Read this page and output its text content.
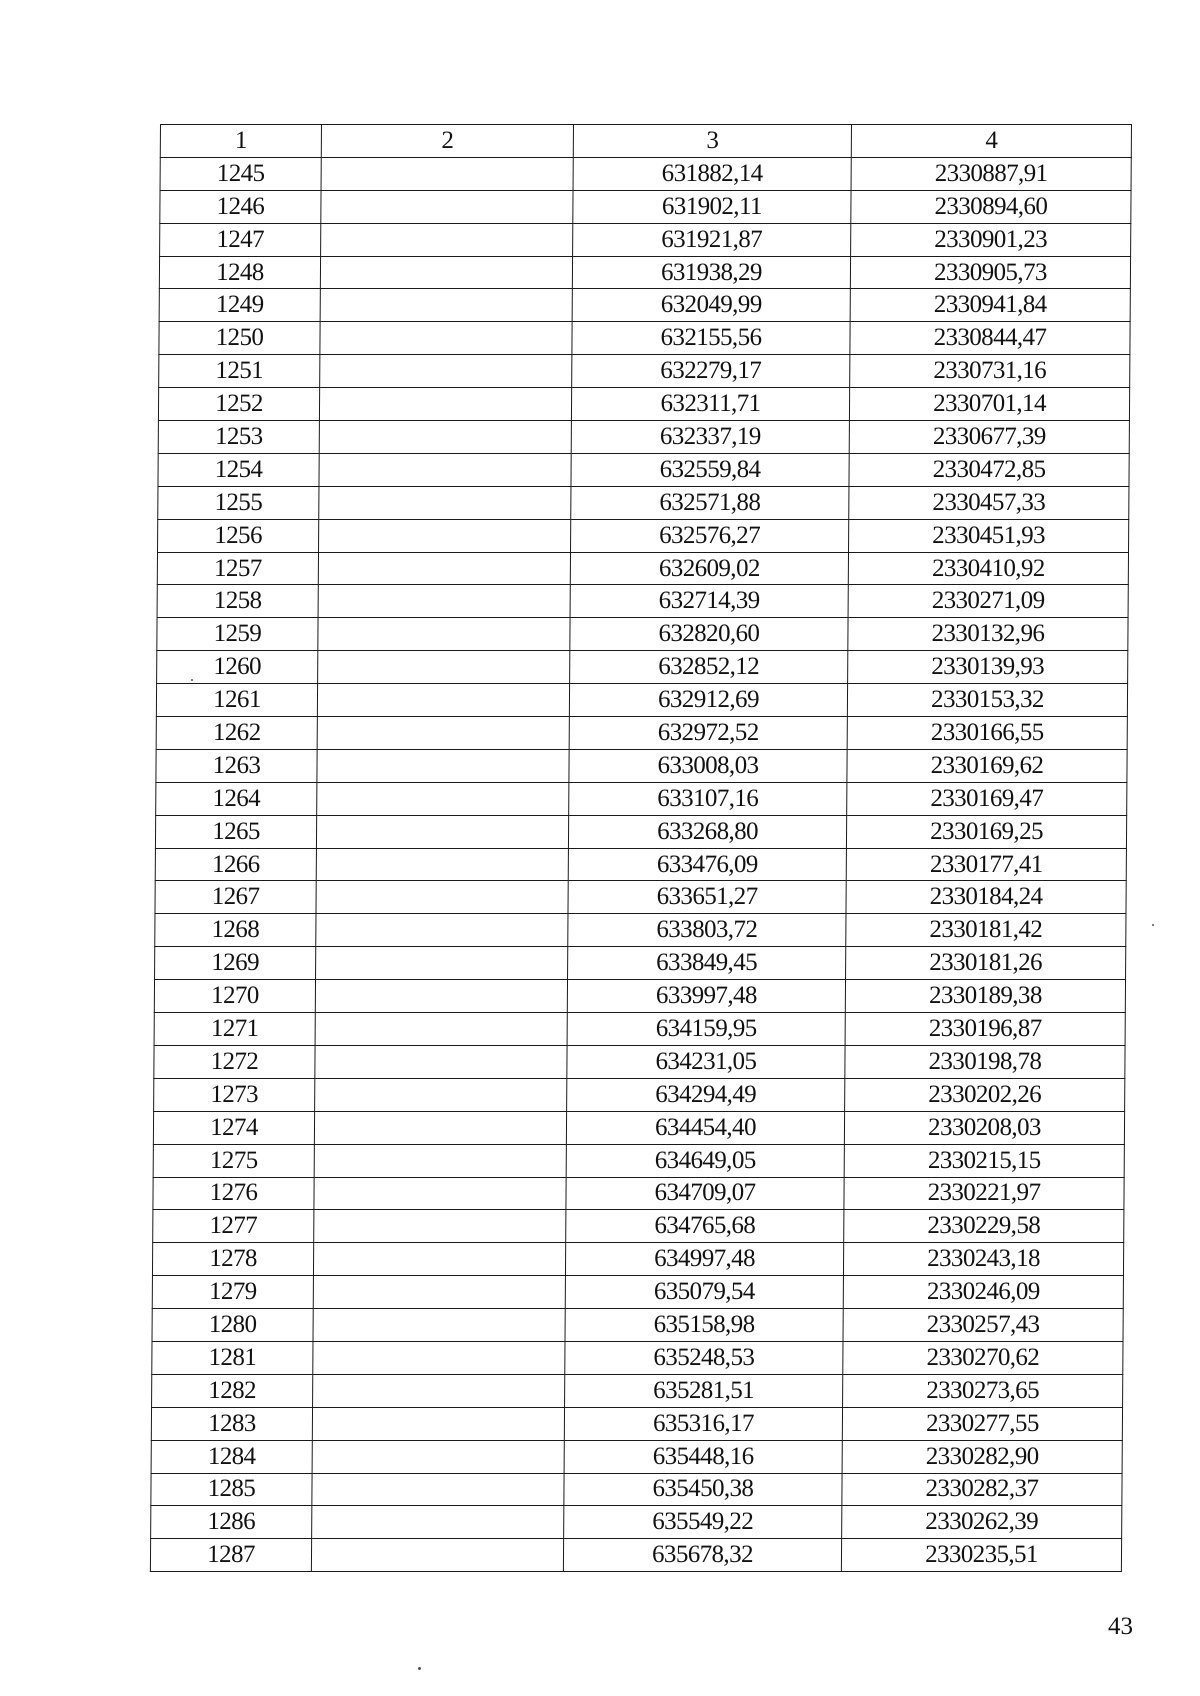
1	2	3	4
1245		631882,14	2330887,91
1246		631902,11	2330894,60
1247		631921,87	2330901,23
1248		631938,29	2330905,73
1249		632049,99	2330941,84
1250		632155,56	2330844,47
1251		632279,17	2330731,16
1252		632311,71	2330701,14
1253		632337,19	2330677,39
1254		632559,84	2330472,85
1255		632571,88	2330457,33
1256		632576,27	2330451,93
1257		632609,02	2330410,92
1258		632714,39	2330271,09
1259		632820,60	2330132,96
1260		632852,12	2330139,93
1261		632912,69	2330153,32
1262		632972,52	2330166,55
1263		633008,03	2330169,62
1264		633107,16	2330169,47
1265		633268,80	2330169,25
1266		633476,09	2330177,41
1267		633651,27	2330184,24
1268		633803,72	2330181,42
1269		633849,45	2330181,26
1270		633997,48	2330189,38
1271		634159,95	2330196,87
1272		634231,05	2330198,78
1273		634294,49	2330202,26
1274		634454,40	2330208,03
1275		634649,05	2330215,15
1276		634709,07	2330221,97
1277		634765,68	2330229,58
1278		634997,48	2330243,18
1279		635079,54	2330246,09
1280		635158,98	2330257,43
1281		635248,53	2330270,62
1282		635281,51	2330273,65
1283		635316,17	2330277,55
1284		635448,16	2330282,90
1285		635450,38	2330282,37
1286		635549,22	2330262,39
1287		635678,32	2330235,51
43
